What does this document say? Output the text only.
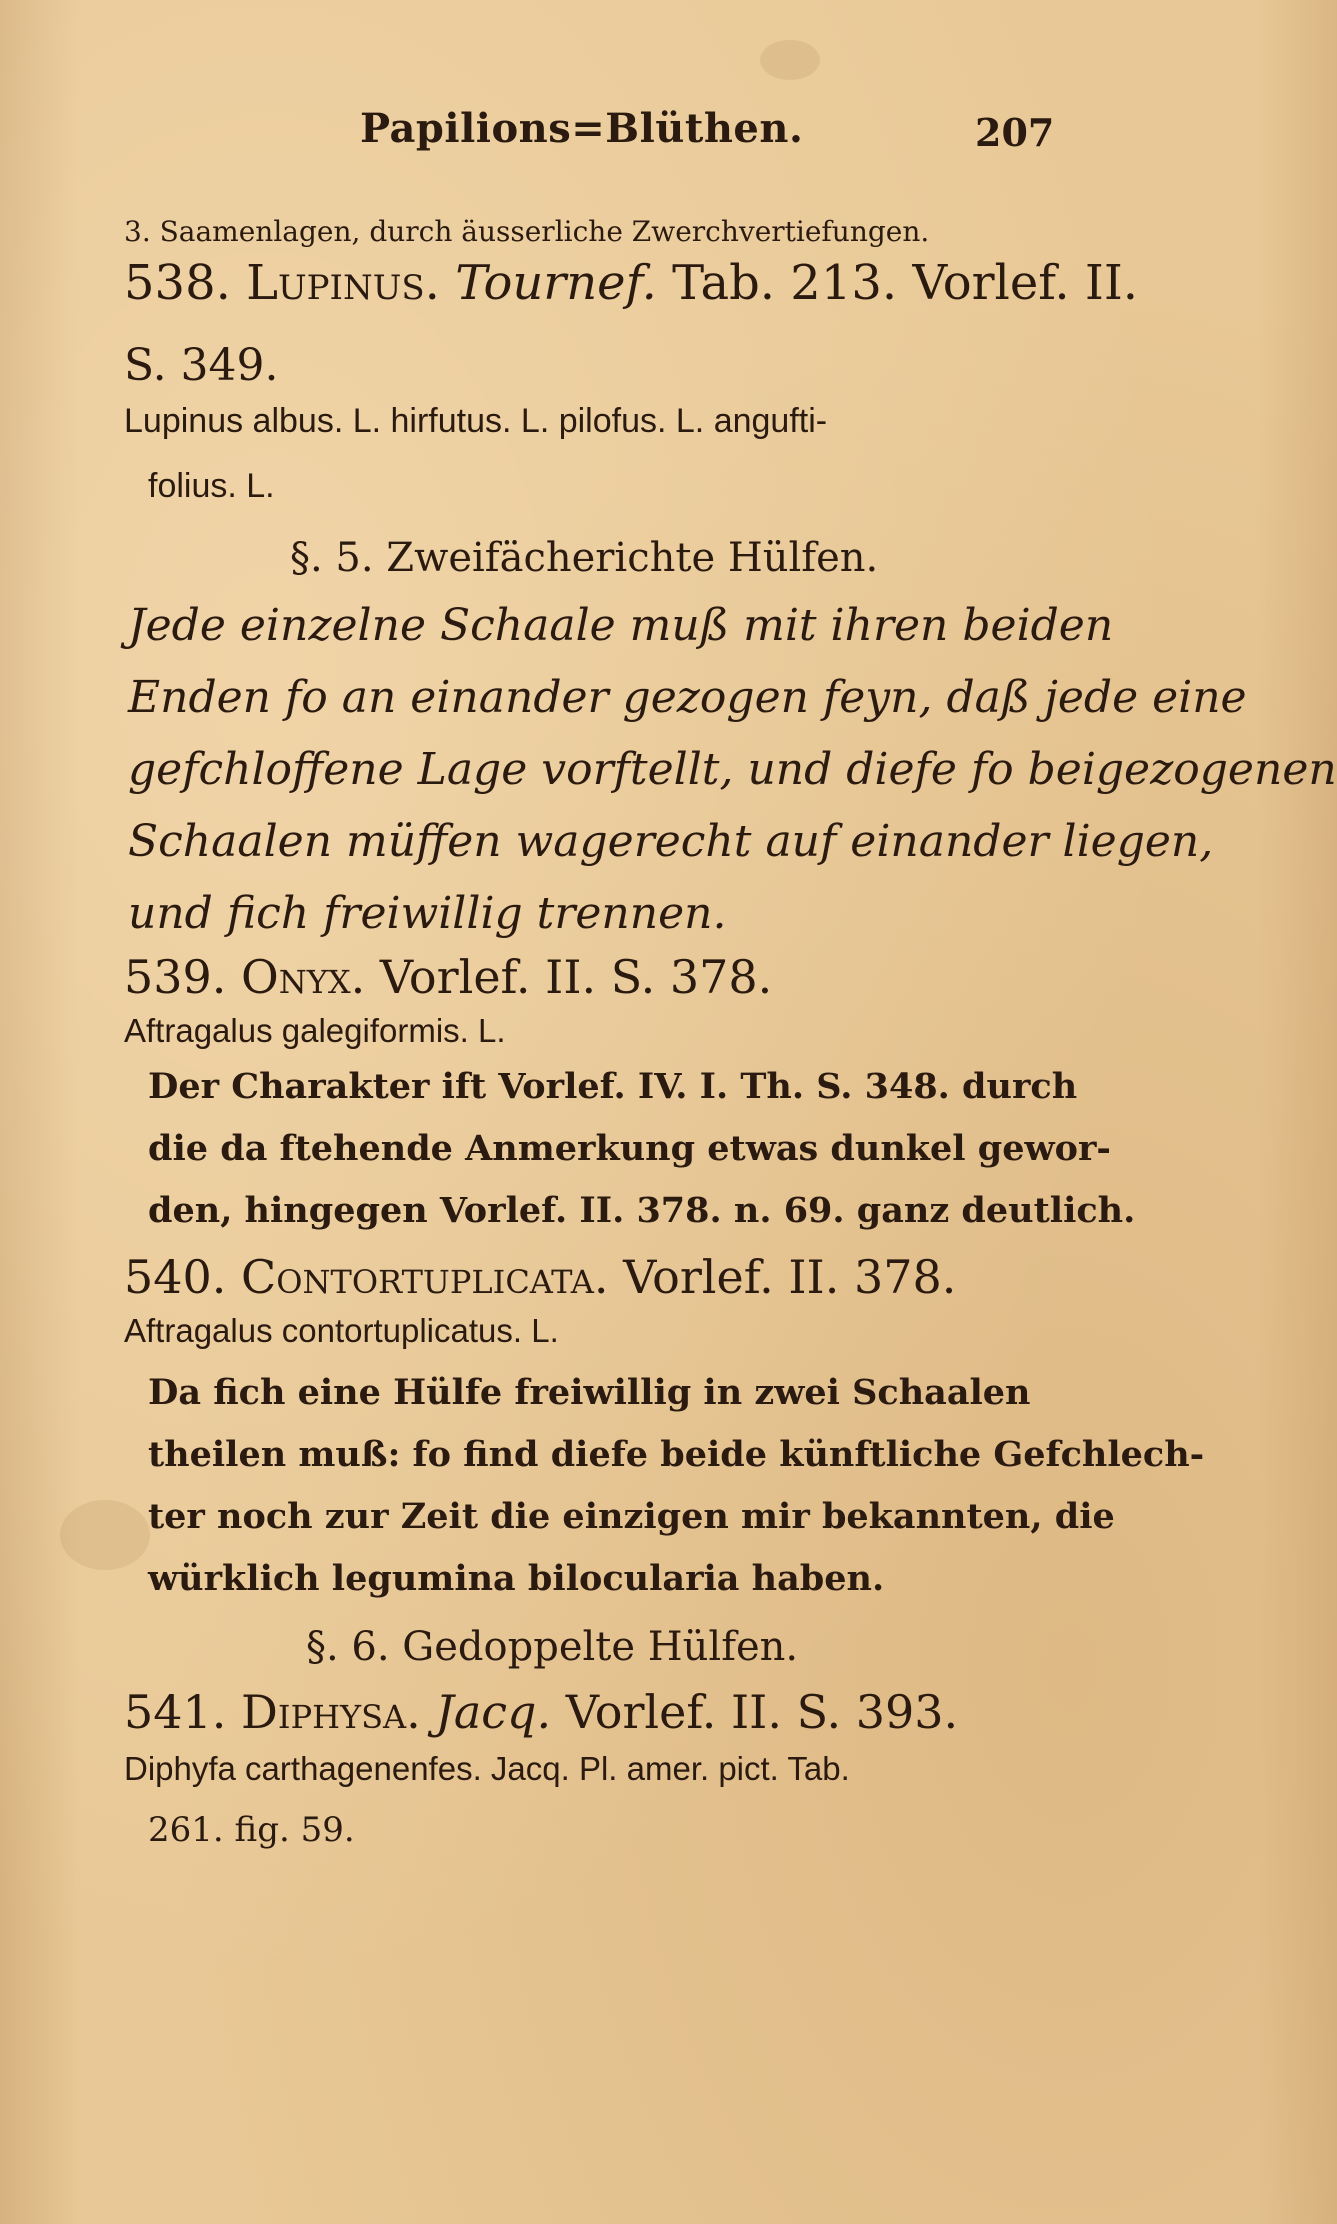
Papilions=Blüthen.	207
3. Saamenlagen, durch äusserliche Zwerchvertiefungen.
538. Lupinus. Tournef. Tab. 213. Vorlef. II.
S. 349.
Lupinus albus. L. hirfutus. L. pilofus. L. angufti-
folius. L.
§. 5. Zweifächerichte Hülfen.
Jede einzelne Schaale muß mit ihren beiden
Enden fo an einander gezogen feyn, daß jede eine
gefchloffene Lage vorftellt, und diefe fo beigezogenen
Schaalen müffen wagerecht auf einander liegen,
und fich freiwillig trennen.
539. Onyx. Vorlef. II. S. 378.
Aftragalus galegiformis. L.
Der Charakter ift Vorlef. IV. I. Th. S. 348. durch
die da ftehende Anmerkung etwas dunkel gewor-
den, hingegen Vorlef. II. 378. n. 69. ganz deutlich.
540. Contortuplicata. Vorlef. II. 378.
Aftragalus contortuplicatus. L.
Da fich eine Hülfe freiwillig in zwei Schaalen
theilen muß: fo find diefe beide künftliche Gefchlech-
ter noch zur Zeit die einzigen mir bekannten, die
würklich legumina bilocularia haben.
§. 6. Gedoppelte Hülfen.
541. Diphysa. Jacq. Vorlef. II. S. 393.
Diphyfa carthagenenfes. Jacq. Pl. amer. pict. Tab.
261. fig. 59.
